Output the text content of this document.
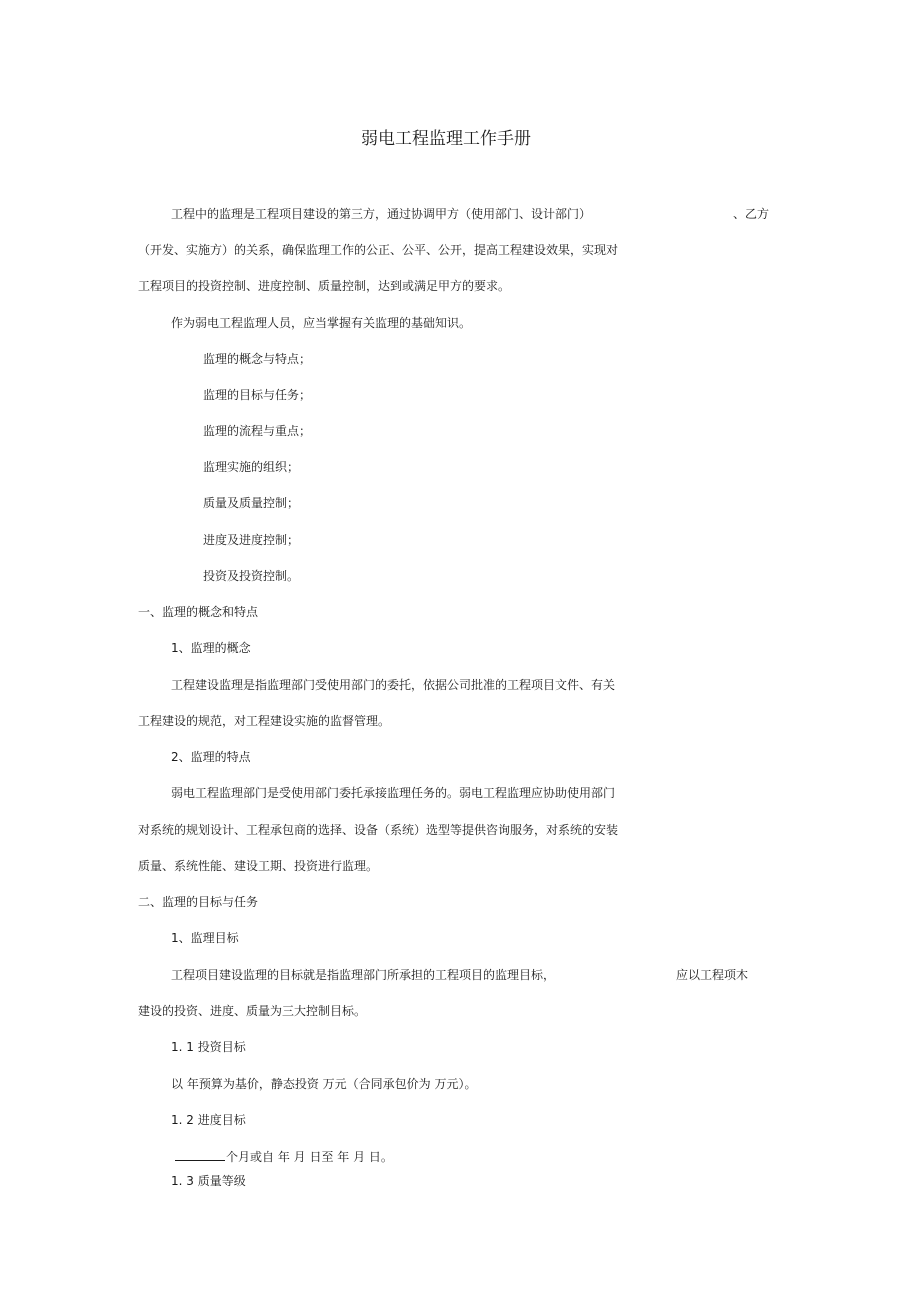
弱电工程监理工作手册
工程中的监理是工程项目建设的第三方，通过协调甲方（使用部门、设计部门）	、乙方
（开发、实施方）的关系，确保监理工作的公正、公平、公开，提高工程建设效果，实现对
工程项目的投资控制、进度控制、质量控制，达到或满足甲方的要求。
作为弱电工程监理人员，应当掌握有关监理的基础知识。
监理的概念与特点；
监理的目标与任务；
监理的流程与重点；
监理实施的组织；
质量及质量控制；
进度及进度控制；
投资及投资控制。
一、监理的概念和特点
1、监理的概念
工程建设监理是指监理部门受使用部门的委托，依据公司批准的工程项目文件、有关
工程建设的规范，对工程建设实施的监督管理。
2、监理的特点
弱电工程监理部门是受使用部门委托承接监理任务的。弱电工程监理应协助使用部门
对系统的规划设计、工程承包商的选择、设备（系统）选型等提供咨询服务，对系统的安装
质量、系统性能、建设工期、投资进行监理。
二、监理的目标与任务
1、监理目标
工程项目建设监理的目标就是指监理部门所承担的工程项目的监理目标，	应以工程项木
建设的投资、进度、质量为三大控制目标。
1. 1 投资目标
以 年预算为基价，静态投资 万元（合同承包价为 万元）。
1. 2 进度目标
个月或自 年 月 日至 年 月 日。
1. 3 质量等级
